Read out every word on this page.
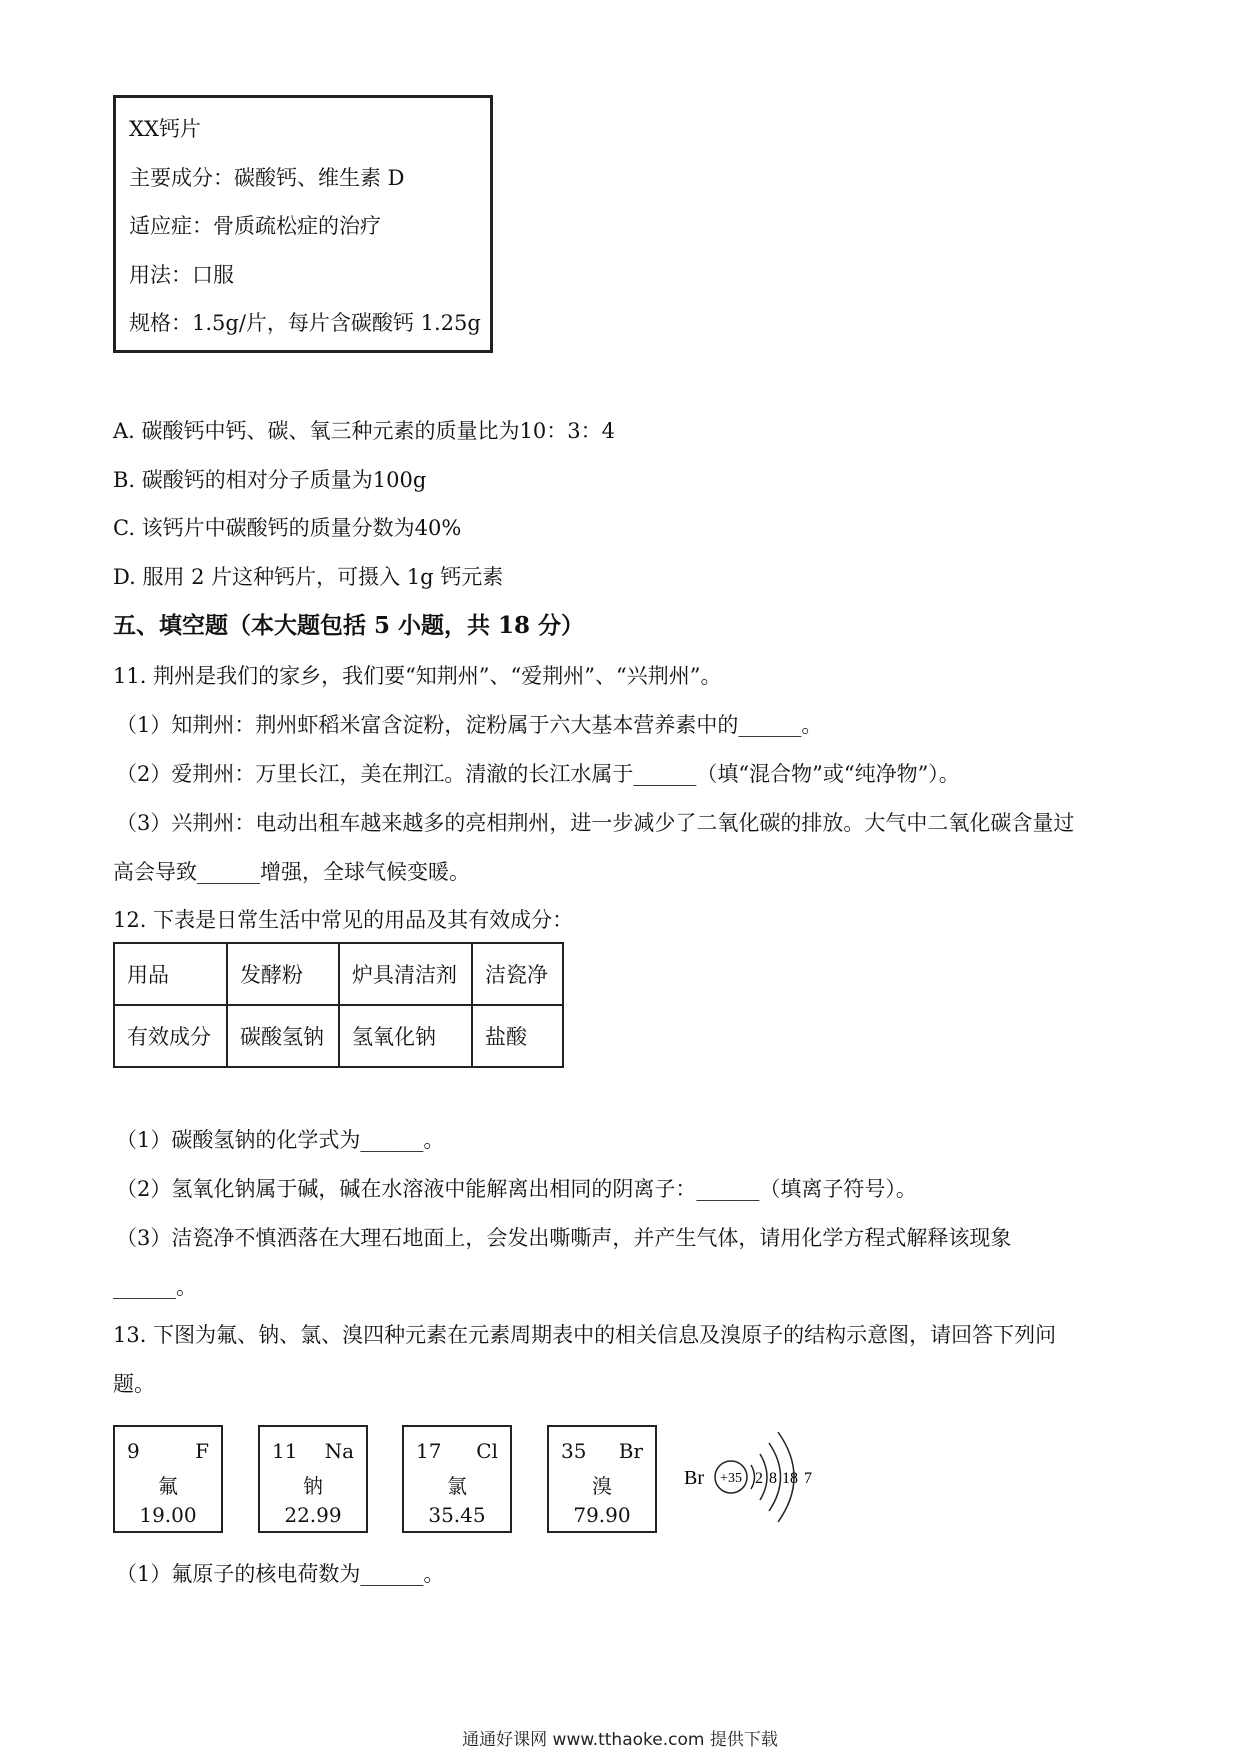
XX钙片
主要成分：碳酸钙、维生素 D
适应症：骨质疏松症的治疗
用法：口服
规格：1.5g/片，每片含碳酸钙 1.25g
A. 碳酸钙中钙、碳、氧三种元素的质量比为10：3：4
B. 碳酸钙的相对分子质量为100g
C. 该钙片中碳酸钙的质量分数为40%
D. 服用 2 片这种钙片，可摄入 1g 钙元素
五、填空题（本大题包括 5 小题，共 18 分）
11. 荆州是我们的家乡，我们要“知荆州”、“爱荆州”、“兴荆州”。
（1）知荆州：荆州虾稻米富含淀粉，淀粉属于六大基本营养素中的______。
（2）爱荆州：万里长江，美在荆江。清澈的长江水属于______（填“混合物”或“纯净物”）。
（3）兴荆州：电动出租车越来越多的亮相荆州，进一步减少了二氧化碳的排放。大气中二氧化碳含量过
高会导致______增强，全球气候变暖。
12. 下表是日常生活中常见的用品及其有效成分：
用品	发酵粉	炉具清洁剂	洁瓷净
有效成分	碳酸氢钠	氢氧化钠	盐酸
（1）碳酸氢钠的化学式为______。
（2）氢氧化钠属于碱，碱在水溶液中能解离出相同的阴离子：______（填离子符号）。
（3）洁瓷净不慎洒落在大理石地面上，会发出嘶嘶声，并产生气体，请用化学方程式解释该现象
______。
13. 下图为氟、钠、氯、溴四种元素在元素周期表中的相关信息及溴原子的结构示意图，请回答下列问
题。
9	F
氟
19.00
11 Na
钠
22.99
17 Cl
氯
35.45
35 Br
溴
79.90
Br +35 2 8 18 7
（1）氟原子的核电荷数为______。
通通好课网 www.tthaoke.com 提供下载
